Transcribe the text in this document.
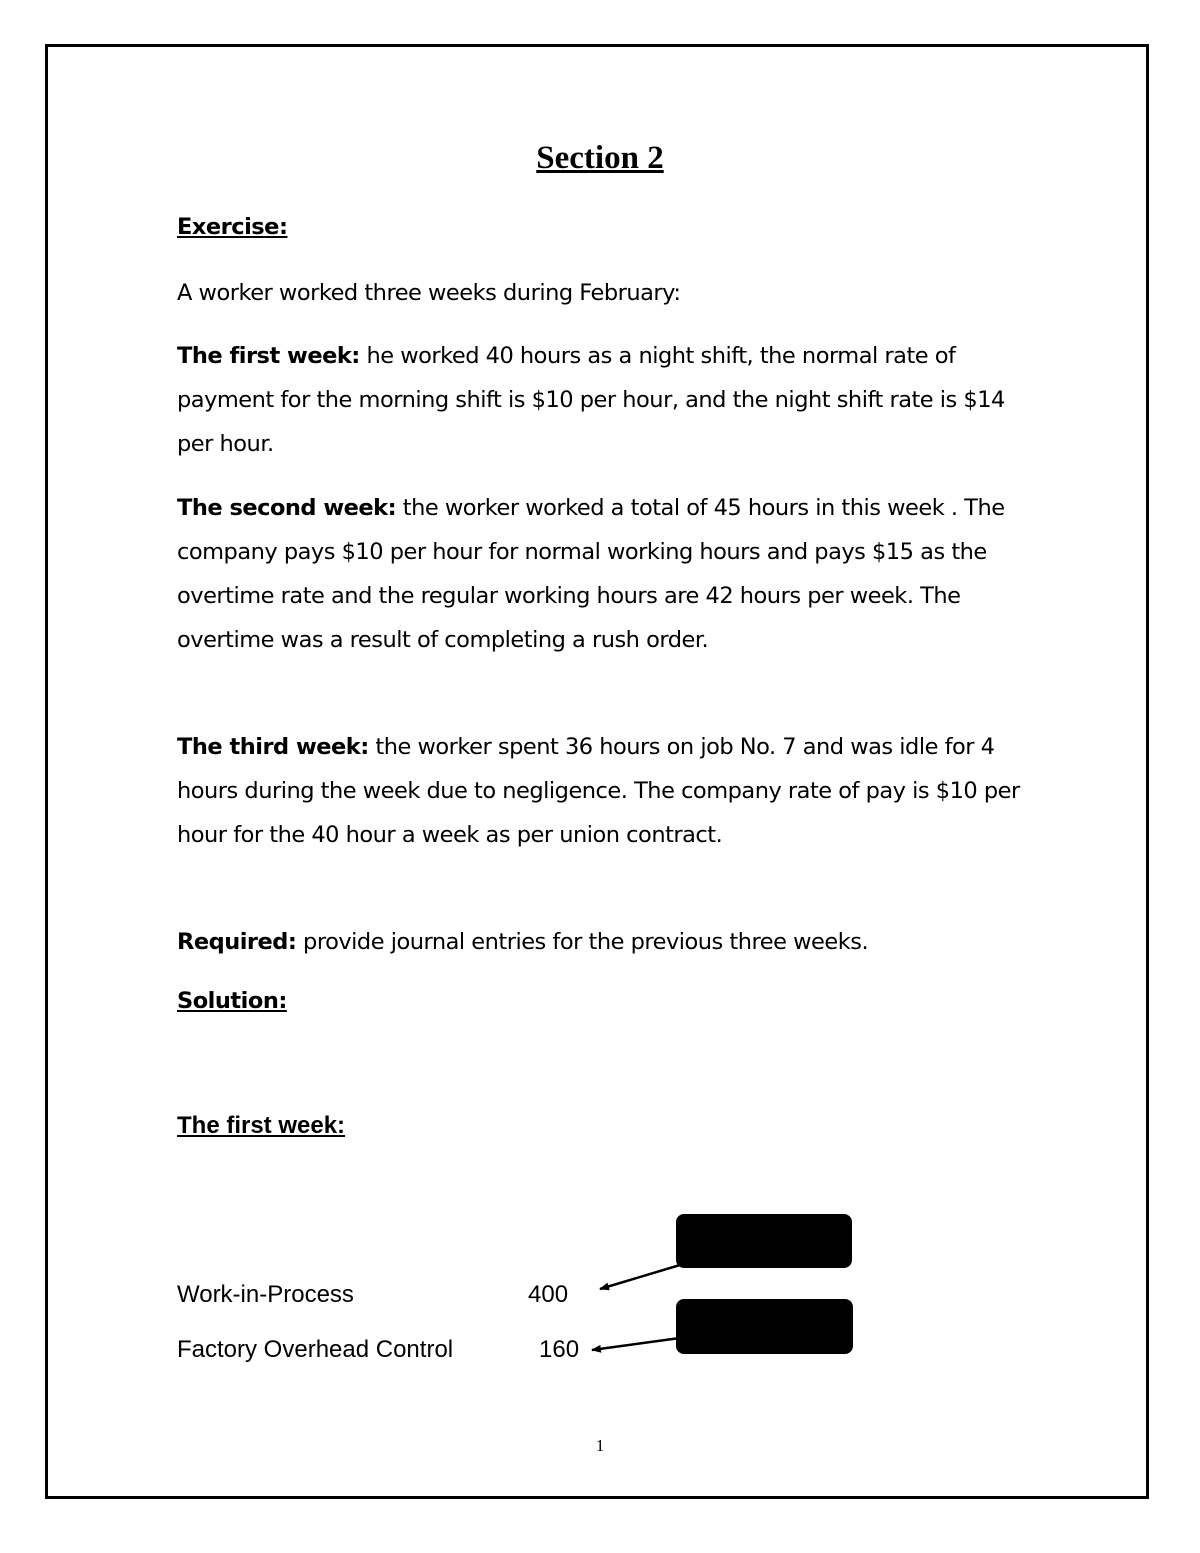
Section 2
Exercise:

A worker worked three weeks during February:

The first week: he worked 40 hours as a night shift, the normal rate of payment for the morning shift is $10 per hour, and the night shift rate is $14 per hour.

The second week: the worker worked a total of 45 hours in this week . The company pays $10 per hour for normal working hours and pays $15 as the overtime rate and the regular working hours are 42 hours per week. The overtime was a result of completing a rush order.

The third week: the worker spent 36 hours on job No. 7 and was idle for 4 hours during the week due to negligence. The company rate of pay is $10 per hour for the 40 hour a week as per union contract.

Required: provide journal entries for the previous three weeks.

Solution:
The first week:
Work-in-Process	400
Factory Overhead Control	160
1
